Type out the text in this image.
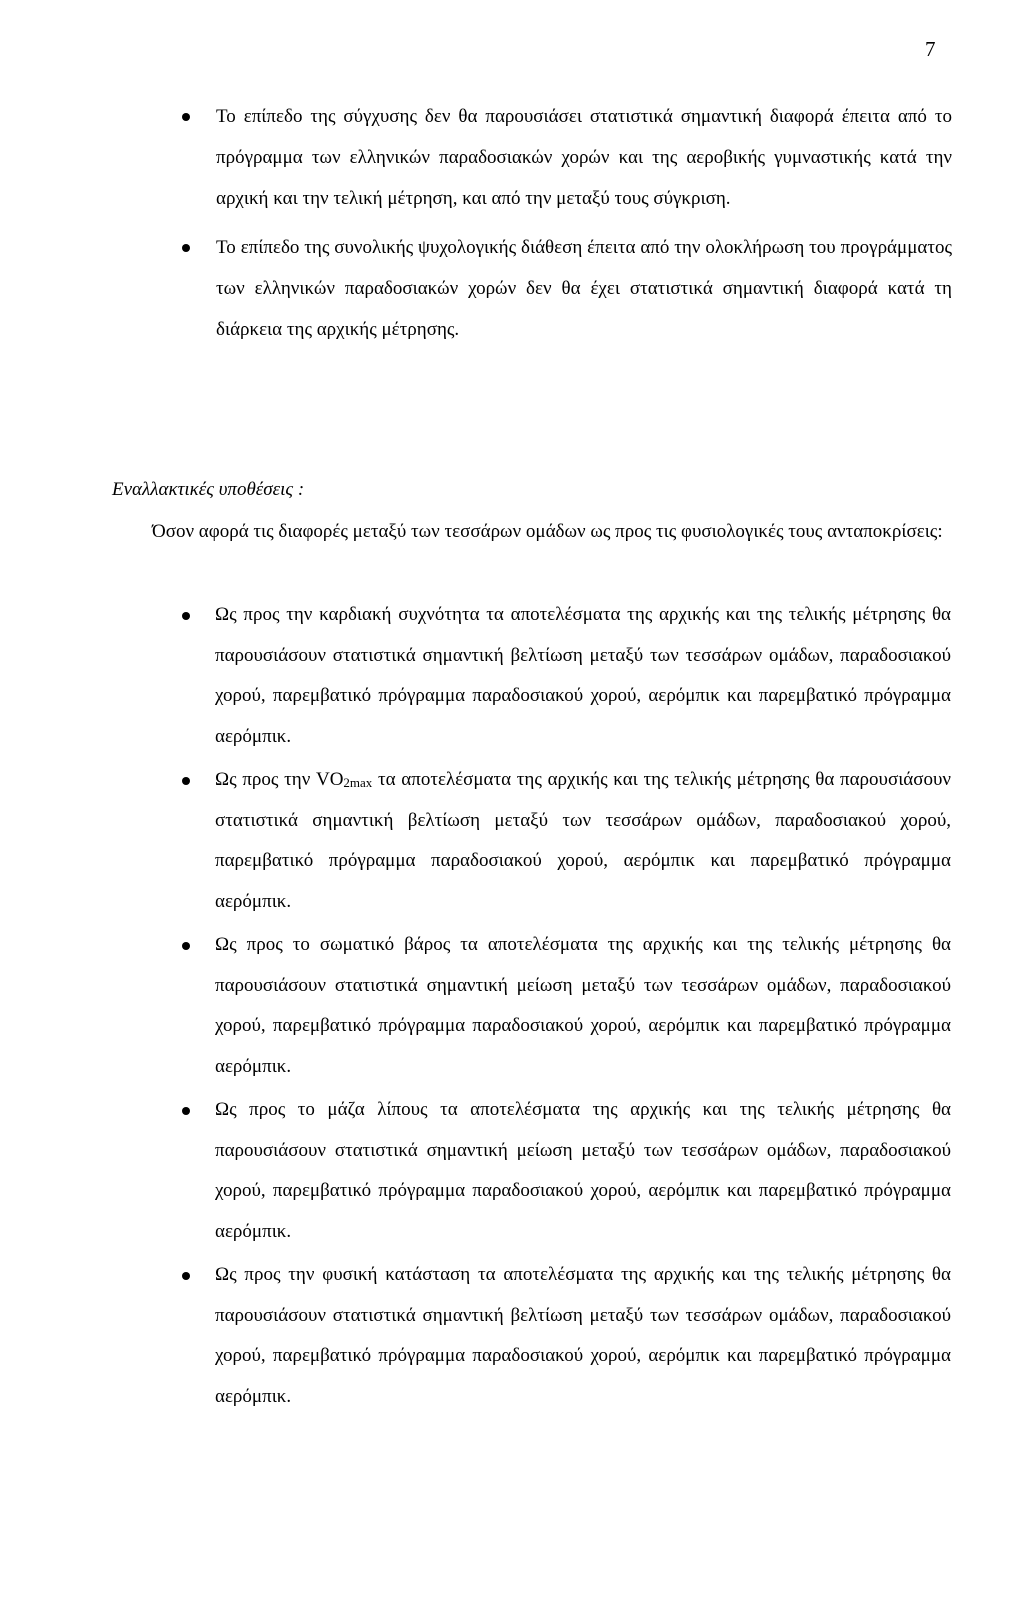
7
Το επίπεδο της σύγχυσης δεν θα παρουσιάσει στατιστικά σημαντική διαφορά έπειτα από το πρόγραμμα των ελληνικών παραδοσιακών χορών και της αεροβικής γυμναστικής κατά την αρχική και την τελική μέτρηση, και από την μεταξύ τους σύγκριση.
Το επίπεδο της συνολικής ψυχολογικής διάθεση έπειτα από την ολοκλήρωση του προγράμματος των ελληνικών παραδοσιακών χορών δεν θα έχει στατιστικά σημαντική διαφορά κατά τη διάρκεια της αρχικής μέτρησης.
Εναλλακτικές υποθέσεις :

Όσον αφορά τις διαφορές μεταξύ των τεσσάρων ομάδων ως προς τις φυσιολογικές τους ανταποκρίσεις:

Ως προς την καρδιακή συχνότητα τα αποτελέσματα της αρχικής και της τελικής μέτρησης θα παρουσιάσουν στατιστικά σημαντική βελτίωση μεταξύ των τεσσάρων ομάδων, παραδοσιακού χορού, παρεμβατικό πρόγραμμα παραδοσιακού χορού, αερόμπικ και παρεμβατικό πρόγραμμα αερόμπικ.
Ως προς την $VO_{2max}$ τα αποτελέσματα της αρχικής και της τελικής μέτρησης θα παρουσιάσουν στατιστικά σημαντική βελτίωση μεταξύ των τεσσάρων ομάδων, παραδοσιακού χορού, παρεμβατικό πρόγραμμα παραδοσιακού χορού, αερόμπικ και παρεμβατικό πρόγραμμα αερόμπικ.
Ως προς το σωματικό βάρος τα αποτελέσματα της αρχικής και της τελικής μέτρησης θα παρουσιάσουν στατιστικά σημαντική μείωση μεταξύ των τεσσάρων ομάδων, παραδοσιακού χορού, παρεμβατικό πρόγραμμα παραδοσιακού χορού, αερόμπικ και παρεμβατικό πρόγραμμα αερόμπικ.
Ως προς το μάζα λίπους τα αποτελέσματα της αρχικής και της τελικής μέτρησης θα παρουσιάσουν στατιστικά σημαντική μείωση μεταξύ των τεσσάρων ομάδων, παραδοσιακού χορού, παρεμβατικό πρόγραμμα παραδοσιακού χορού, αερόμπικ και παρεμβατικό πρόγραμμα αερόμπικ.
Ως προς την φυσική κατάσταση τα αποτελέσματα της αρχικής και της τελικής μέτρησης θα παρουσιάσουν στατιστικά σημαντική βελτίωση μεταξύ των τεσσάρων ομάδων, παραδοσιακού χορού, παρεμβατικό πρόγραμμα παραδοσιακού χορού, αερόμπικ και παρεμβατικό πρόγραμμα αερόμπικ.
